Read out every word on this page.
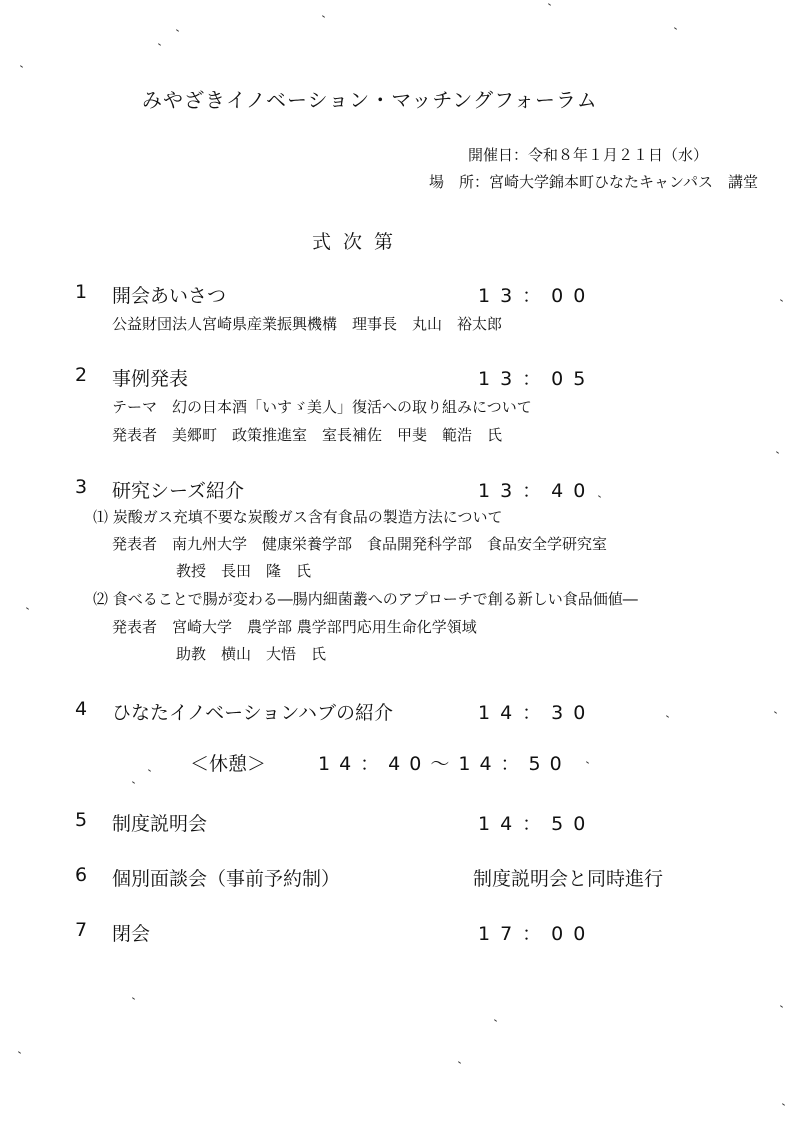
みやざきイノベーション・マッチングフォーラム
開催日：令和８年１月２１日（水）
場　所：宮崎大学錦本町ひなたキャンパス　講堂
式次第
1 開会あいさつ	13：00
公益財団法人宮崎県産業振興機構　理事長　丸山　裕太郎
2 事例発表	13：05
テーマ　幻の日本酒「いすゞ美人」復活への取り組みについて
発表者　美郷町　政策推進室　室長補佐　甲斐　範浩　氏
3 研究シーズ紹介	13：40
⑴ 炭酸ガス充填不要な炭酸ガス含有食品の製造方法について
発表者　南九州大学　健康栄養学部　食品開発科学部　食品安全学研究室
教授　長田　隆　氏
⑵ 食べることで腸が変わる―腸内細菌叢へのアプローチで創る新しい食品価値―
発表者　宮崎大学　農学部 農学部門応用生命化学領域
助教　横山　大悟　氏
4 ひなたイノベーションハブの紹介	14：30
＜休憩＞	14：40～14：50
5 制度説明会	14：50
6 個別面談会（事前予約制）	制度説明会と同時進行
7 閉会	17：00
